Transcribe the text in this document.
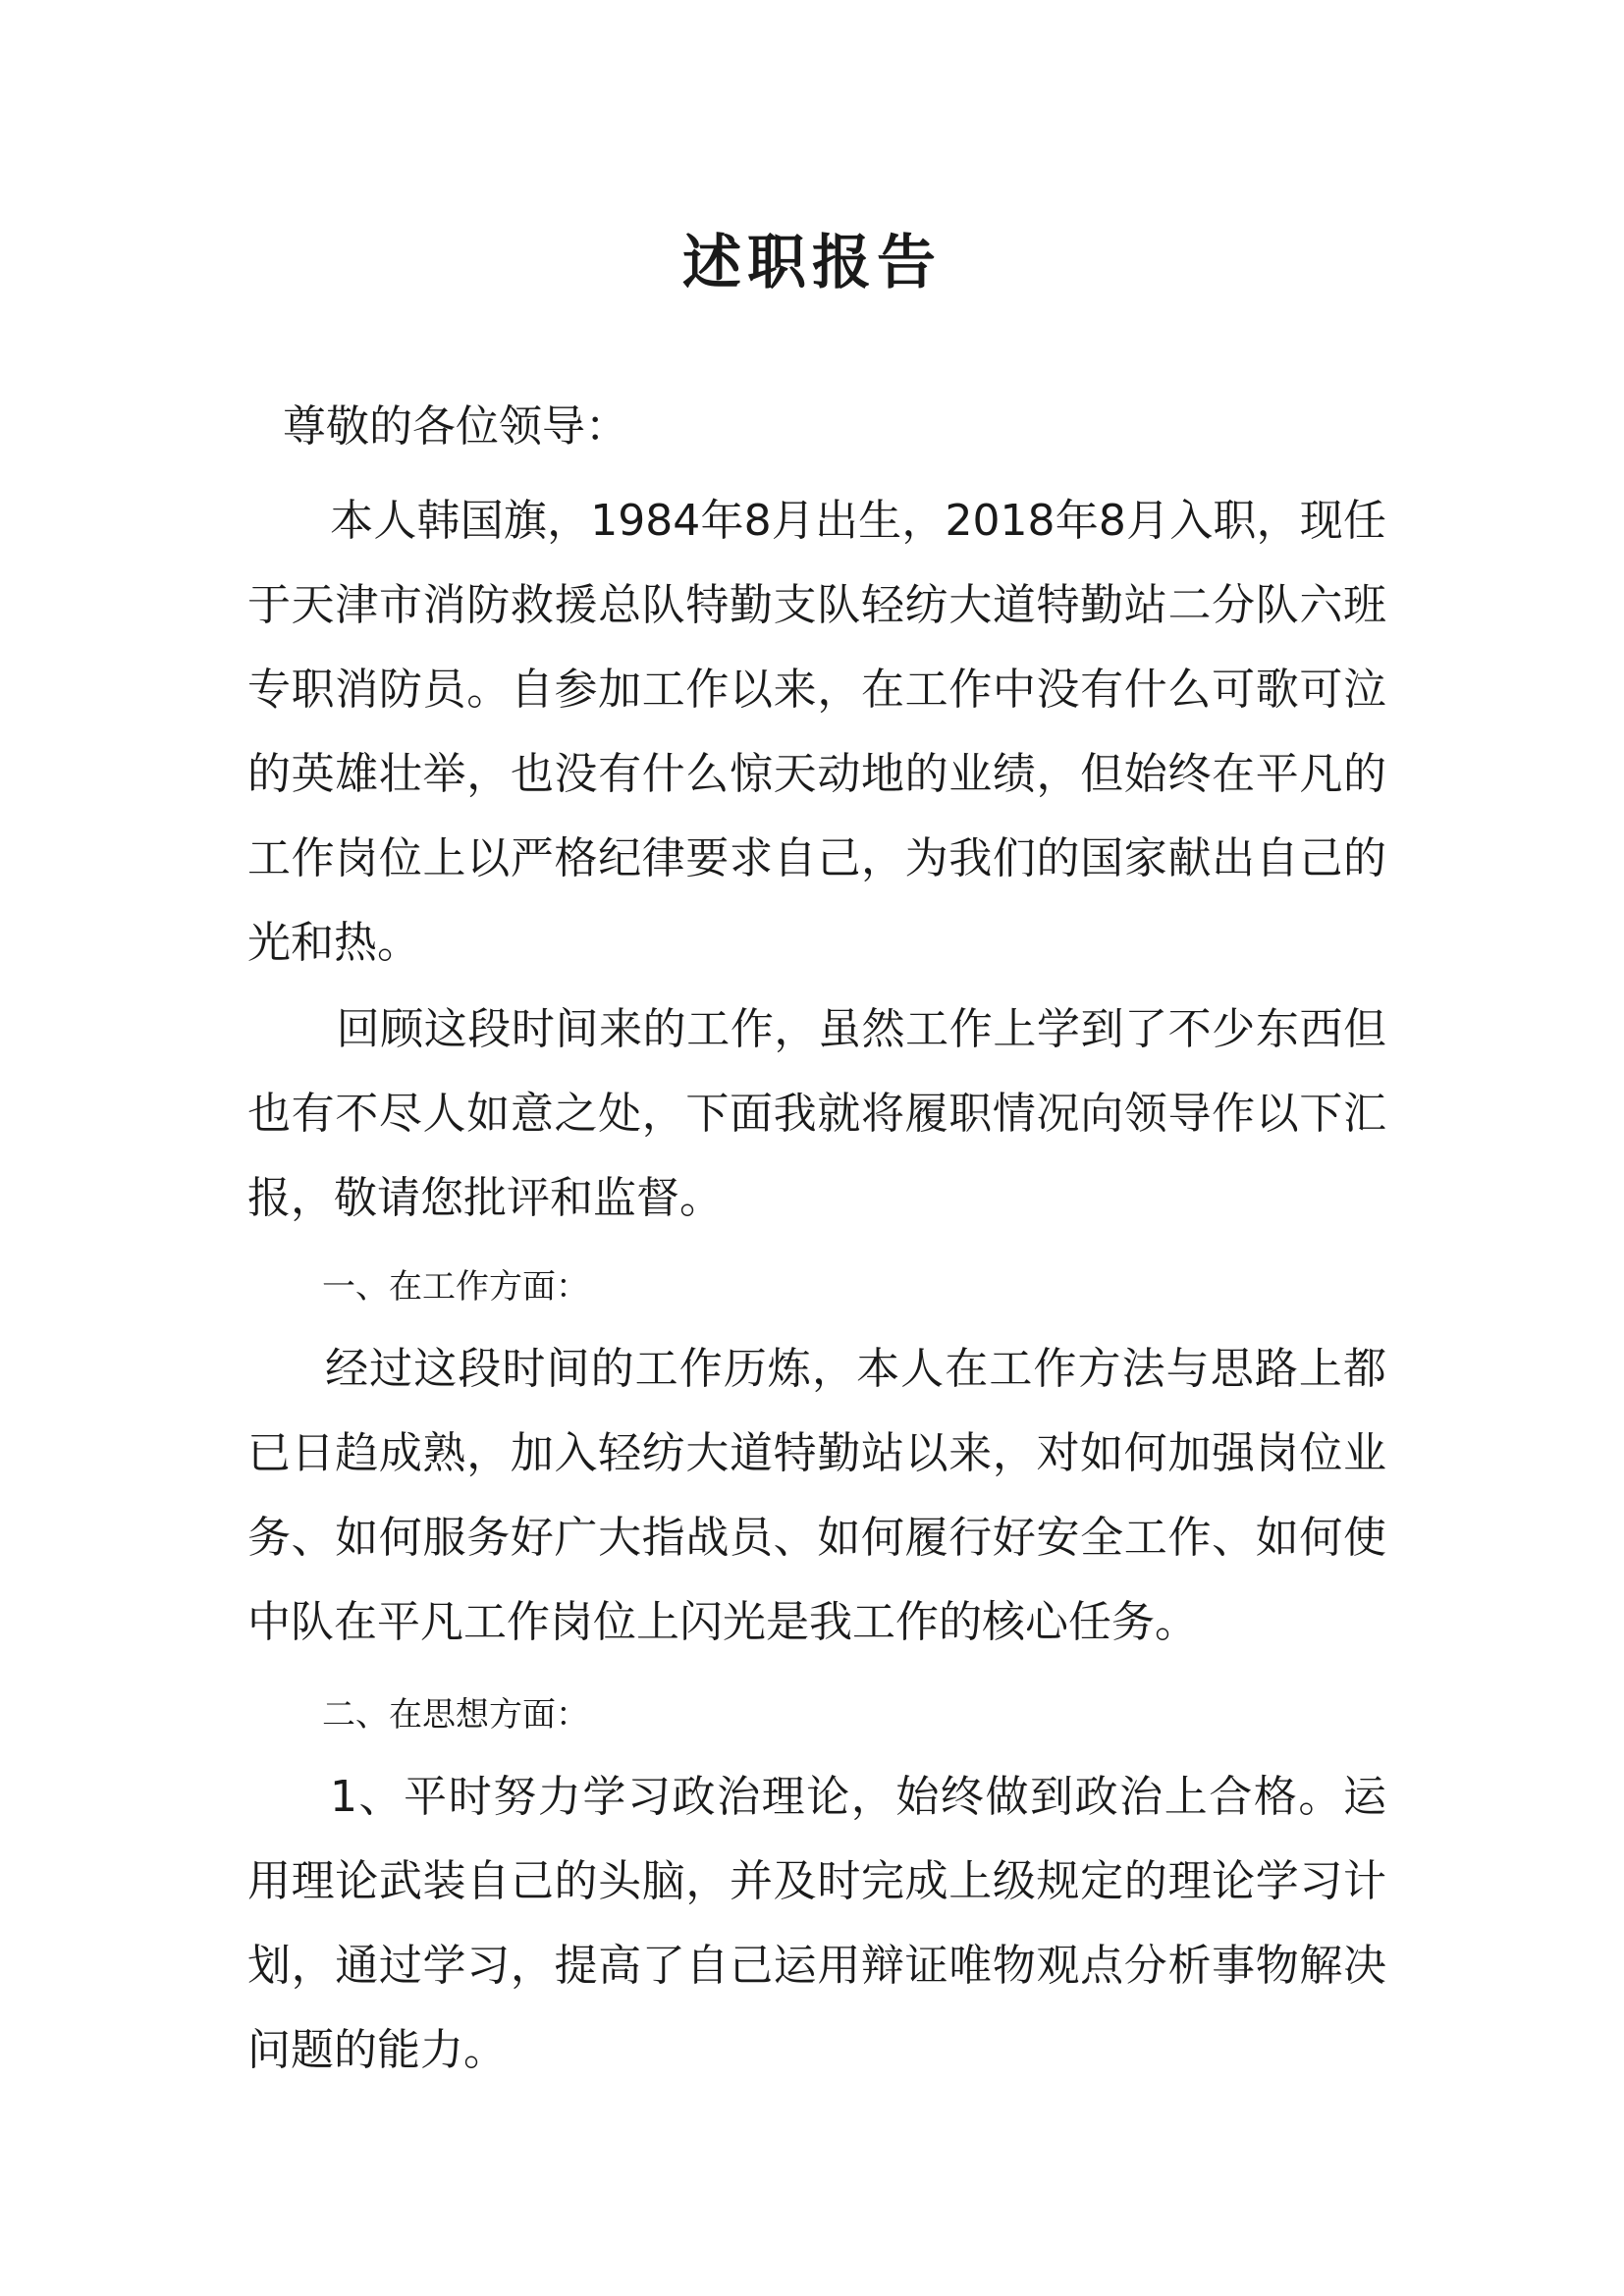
述职报告
尊敬的各位领导：
本人韩国旗，1984年8月出生，2018年8月入职，现任于天津市消防救援总队特勤支队轻纺大道特勤站二分队六班专职消防员。自参加工作以来，在工作中没有什么可歌可泣的英雄壮举，也没有什么惊天动地的业绩，但始终在平凡的工作岗位上以严格纪律要求自己，为我们的国家献出自己的光和热。
回顾这段时间来的工作，虽然工作上学到了不少东西但也有不尽人如意之处，下面我就将履职情况向领导作以下汇报，敬请您批评和监督。
一、在工作方面：
经过这段时间的工作历炼，本人在工作方法与思路上都已日趋成熟，加入轻纺大道特勤站以来，对如何加强岗位业务、如何服务好广大指战员、如何履行好安全工作、如何使中队在平凡工作岗位上闪光是我工作的核心任务。
二、在思想方面：
1、平时努力学习政治理论，始终做到政治上合格。运用理论武装自己的头脑，并及时完成上级规定的理论学习计划，通过学习，提高了自己运用辩证唯物观点分析事物解决问题的能力。
